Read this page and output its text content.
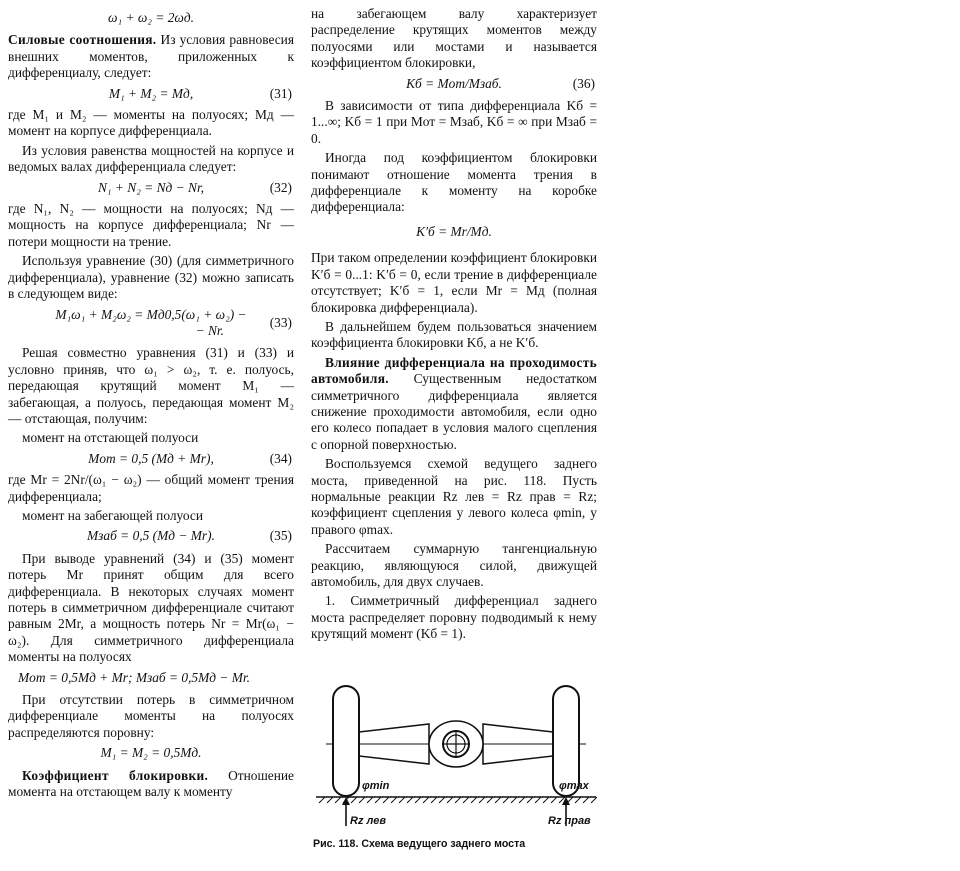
ω₁ + ω₂ = 2ωд.

Силовые соотношения. Из условия равновесия внешних моментов, приложенных к дифференциалу, следует:

M₁ + M₂ = Mд,	(31)

где M₁ и M₂ — моменты на полуосях; Mд — момент на корпусе дифференциала.

Из условия равенства мощностей на корпусе и ведомых валах дифференциала следует:

N₁ + N₂ = Nд − Nr,	(32)

где N₁, N₂ — мощности на полуосях; Nд — мощность на корпусе дифференциала; Nr — потери мощности на трение.

Используя уравнение (30) (для симметричного дифференциала), уравнение (32) можно записать в следующем виде:

M₁ω₁ + M₂ω₂ = Mд0,5(ω₁ + ω₂) −
− Nr.
(33)

Решая совместно уравнения (31) и (33) и условно приняв, что ω₁ > ω₂, т. е. полуось, передающая крутящий момент M₁ — забегающая, а полуось, передающая момент M₂ — отстающая, получим:

момент на отстающей полуоси

Mот = 0,5 (Mд + Mr),	(34)

где Mr = 2Nr/(ω₁ − ω₂) — общий момент трения дифференциала;

момент на забегающей полуоси

Mзаб = 0,5 (Mд − Mr).	(35)

При выводе уравнений (34) и (35) момент потерь Mr принят общим для всего дифференциала. В некоторых случаях момент потерь в симметричном дифференциале считают равным 2Mr, а мощность потерь Nr = Mr(ω₁ − ω₂). Для симметричного дифференциала моменты на полуосях

Mот = 0,5Mд + Mr; Mзаб = 0,5Mд − Mr.

При отсутствии потерь в симметричном дифференциале моменты на полуосях распределяются поровну:

M₁ = M₂ = 0,5Mд.

Коэффициент блокировки. Отношение момента на отстающем валу к моменту

на забегающем валу характеризует распределение крутящих моментов между полуосями или мостами и называется коэффициентом блокировки,

Kб = Mот/Mзаб.	(36)

В зависимости от типа дифференциала Kб = 1...∞; Kб = 1 при Mот = Mзаб, Kб = ∞ при Mзаб = 0.

Иногда под коэффициентом блокировки понимают отношение момента трения в дифференциале к моменту на коробке дифференциала:

K′б = Mr/Mд.

При таком определении коэффициент блокировки K′б = 0...1: K′б = 0, если трение в дифференциале отсутствует; K′б = 1, если Mr = Mд (полная блокировка дифференциала).

В дальнейшем будем пользоваться значением коэффициента блокировки Kб, а не K′б.

Влияние дифференциала на проходимость автомобиля. Существенным недостатком симметричного дифференциала является снижение проходимости автомобиля, если одно его колесо попадает в условия малого сцепления с опорной поверхностью.

Воспользуемся схемой ведущего заднего моста, приведенной на рис. 118. Пусть нормальные реакции Rz лев = Rz прав = Rz; коэффициент сцепления у левого колеса φmin, у правого φmax.

Рассчитаем суммарную тангенциальную реакцию, являющуюся силой, движущей автомобиль, для двух случаев.

1. Симметричный дифференциал заднего моста распределяет поровну подводимый к нему крутящий момент (Kб = 1).

φmin	φmax
Rz лев	Rz прав
Рис. 118. Схема ведущего заднего моста
